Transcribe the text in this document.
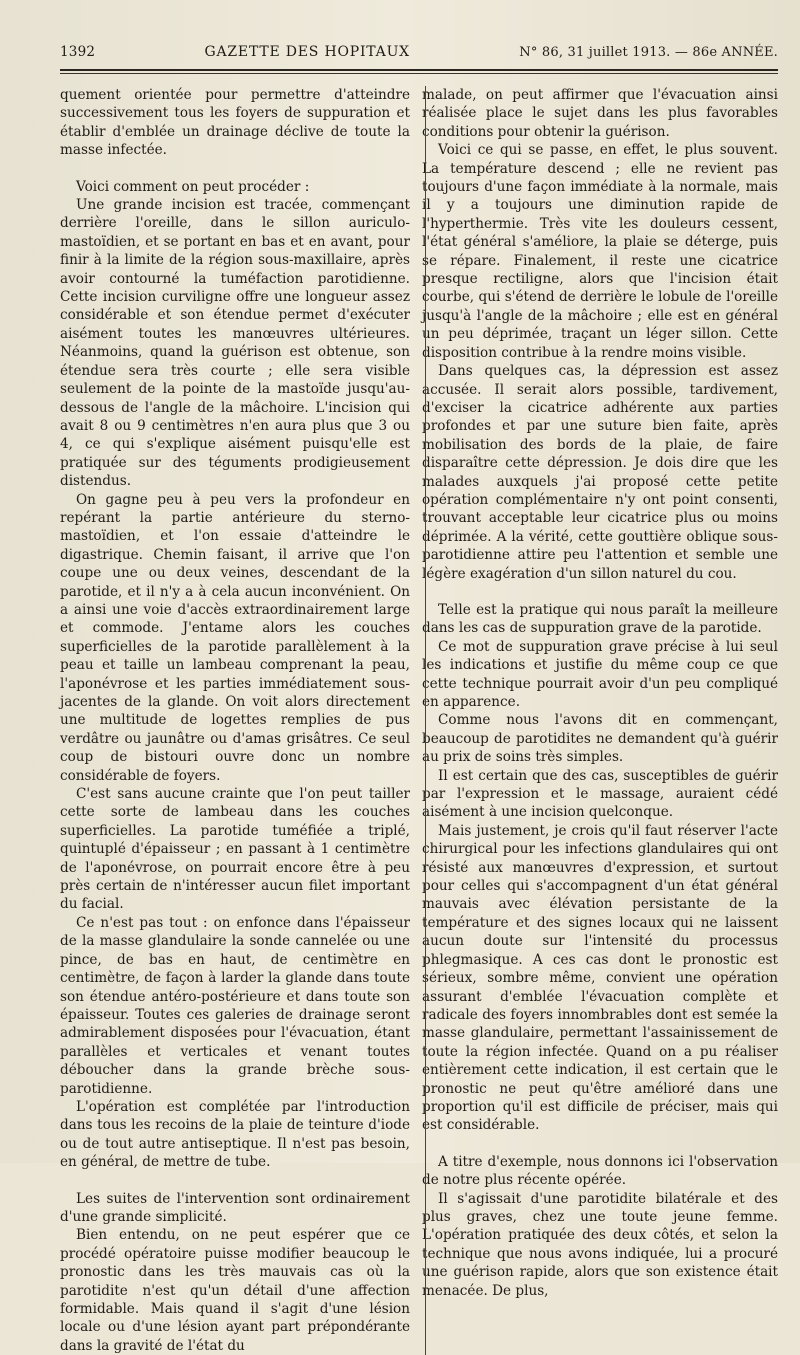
1392	GAZETTE DES HOPITAUX	N° 86, 31 juillet 1913. — 86e ANNÉE.

quement orientée pour permettre d'atteindre successivement tous les foyers de suppuration et établir d'emblée un drainage déclive de toute la masse infectée.

Voici comment on peut procéder :

Une grande incision est tracée, commençant derrière l'oreille, dans le sillon auriculo-mastoïdien, et se portant en bas et en avant, pour finir à la limite de la région sous-maxillaire, après avoir contourné la tuméfaction parotidienne. Cette incision curviligne offre une longueur assez considérable et son étendue permet d'exécuter aisément toutes les manœuvres ultérieures. Néanmoins, quand la guérison est obtenue, son étendue sera très courte ; elle sera visible seulement de la pointe de la mastoïde jusqu'au-dessous de l'angle de la mâchoire. L'incision qui avait 8 ou 9 centimètres n'en aura plus que 3 ou 4, ce qui s'explique aisément puisqu'elle est pratiquée sur des téguments prodigieusement distendus.

On gagne peu à peu vers la profondeur en repérant la partie antérieure du sterno-mastoïdien, et l'on essaie d'atteindre le digastrique. Chemin faisant, il arrive que l'on coupe une ou deux veines, descendant de la parotide, et il n'y a à cela aucun inconvénient. On a ainsi une voie d'accès extraordinairement large et commode. J'entame alors les couches superficielles de la parotide parallèlement à la peau et taille un lambeau comprenant la peau, l'aponévrose et les parties immédiatement sous-jacentes de la glande. On voit alors directement une multitude de logettes remplies de pus verdâtre ou jaunâtre ou d'amas grisâtres. Ce seul coup de bistouri ouvre donc un nombre considérable de foyers.

C'est sans aucune crainte que l'on peut tailler cette sorte de lambeau dans les couches superficielles. La parotide tuméfiée a triplé, quintuplé d'épaisseur ; en passant à 1 centimètre de l'aponévrose, on pourrait encore être à peu près certain de n'intéresser aucun filet important du facial.

Ce n'est pas tout : on enfonce dans l'épaisseur de la masse glandulaire la sonde cannelée ou une pince, de bas en haut, de centimètre en centimètre, de façon à larder la glande dans toute son étendue antéro-postérieure et dans toute son épaisseur. Toutes ces galeries de drainage seront admirablement disposées pour l'évacuation, étant parallèles et verticales et venant toutes déboucher dans la grande brèche sous-parotidienne.

L'opération est complétée par l'introduction dans tous les recoins de la plaie de teinture d'iode ou de tout autre antiseptique. Il n'est pas besoin, en général, de mettre de tube.

Les suites de l'intervention sont ordinairement d'une grande simplicité.

Bien entendu, on ne peut espérer que ce procédé opératoire puisse modifier beaucoup le pronostic dans les très mauvais cas où la parotidite n'est qu'un détail d'une affection formidable. Mais quand il s'agit d'une lésion locale ou d'une lésion ayant part prépondérante dans la gravité de l'état du

malade, on peut affirmer que l'évacuation ainsi réalisée place le sujet dans les plus favorables conditions pour obtenir la guérison.

Voici ce qui se passe, en effet, le plus souvent. La température descend ; elle ne revient pas toujours d'une façon immédiate à la normale, mais il y a toujours une diminution rapide de l'hyperthermie. Très vite les douleurs cessent, l'état général s'améliore, la plaie se déterge, puis se répare. Finalement, il reste une cicatrice presque rectiligne, alors que l'incision était courbe, qui s'étend de derrière le lobule de l'oreille jusqu'à l'angle de la mâchoire ; elle est en général un peu déprimée, traçant un léger sillon. Cette disposition contribue à la rendre moins visible.

Dans quelques cas, la dépression est assez accusée. Il serait alors possible, tardivement, d'exciser la cicatrice adhérente aux parties profondes et par une suture bien faite, après mobilisation des bords de la plaie, de faire disparaître cette dépression. Je dois dire que les malades auxquels j'ai proposé cette petite opération complémentaire n'y ont point consenti, trouvant acceptable leur cicatrice plus ou moins déprimée. A la vérité, cette gouttière oblique sous-parotidienne attire peu l'attention et semble une légère exagération d'un sillon naturel du cou.

Telle est la pratique qui nous paraît la meilleure dans les cas de suppuration grave de la parotide.

Ce mot de suppuration grave précise à lui seul les indications et justifie du même coup ce que cette technique pourrait avoir d'un peu compliqué en apparence.

Comme nous l'avons dit en commençant, beaucoup de parotidites ne demandent qu'à guérir au prix de soins très simples.

Il est certain que des cas, susceptibles de guérir par l'expression et le massage, auraient cédé aisément à une incision quelconque.

Mais justement, je crois qu'il faut réserver l'acte chirurgical pour les infections glandulaires qui ont résisté aux manœuvres d'expression, et surtout pour celles qui s'accompagnent d'un état général mauvais avec élévation persistante de la température et des signes locaux qui ne laissent aucun doute sur l'intensité du processus phlegmasique. A ces cas dont le pronostic est sérieux, sombre même, convient une opération assurant d'emblée l'évacuation complète et radicale des foyers innombrables dont est semée la masse glandulaire, permettant l'assainissement de toute la région infectée. Quand on a pu réaliser entièrement cette indication, il est certain que le pronostic ne peut qu'être amélioré dans une proportion qu'il est difficile de préciser, mais qui est considérable.

A titre d'exemple, nous donnons ici l'observation de notre plus récente opérée.

Il s'agissait d'une parotidite bilatérale et des plus graves, chez une toute jeune femme. L'opération pratiquée des deux côtés, et selon la technique que nous avons indiquée, lui a procuré une guérison rapide, alors que son existence était menacée. De plus,
